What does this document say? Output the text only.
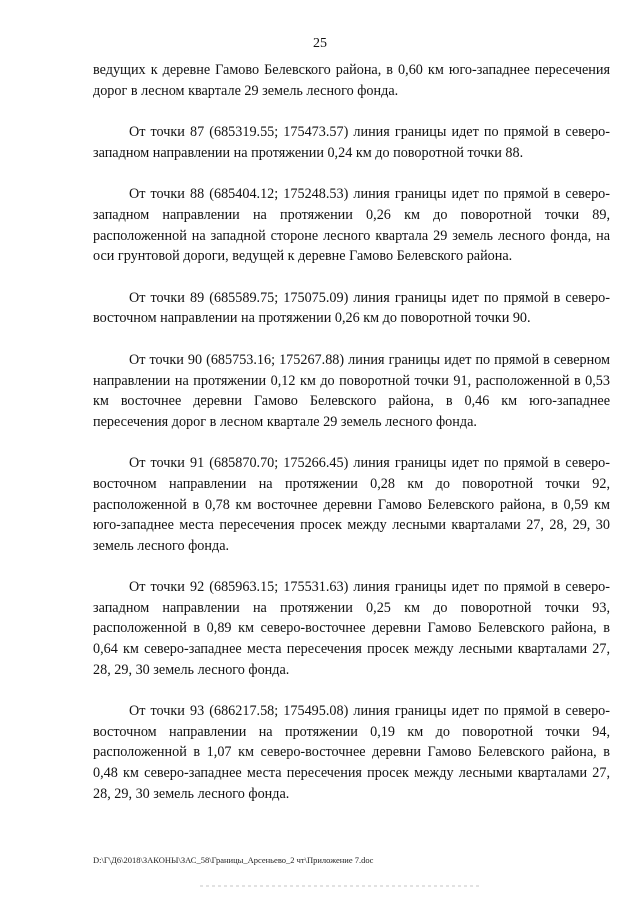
25

ведущих к деревне Гамово Белевского района, в 0,60 км юго-западнее пересечения дорог в лесном квартале 29 земель лесного фонда.

От точки 87 (685319.55; 175473.57) линия границы идет по прямой в северо-западном направлении на протяжении 0,24 км до поворотной точки 88.

От точки 88 (685404.12; 175248.53) линия границы идет по прямой в северо-западном направлении на протяжении 0,26 км до поворотной точки 89, расположенной на западной стороне лесного квартала 29 земель лесного фонда, на оси грунтовой дороги, ведущей к деревне Гамово Белевского района.

От точки 89 (685589.75; 175075.09) линия границы идет по прямой в северо-восточном направлении на протяжении 0,26 км до поворотной точки 90.

От точки 90 (685753.16; 175267.88) линия границы идет по прямой в северном направлении на протяжении 0,12 км до поворотной точки 91, расположенной в 0,53 км восточнее деревни Гамово Белевского района, в 0,46 км юго-западнее пересечения дорог в лесном квартале 29 земель лесного фонда.

От точки 91 (685870.70; 175266.45) линия границы идет по прямой в северо-восточном направлении на протяжении 0,28 км до поворотной точки 92, расположенной в 0,78 км восточнее деревни Гамово Белевского района, в 0,59 км юго-западнее места пересечения просек между лесными кварталами 27, 28, 29, 30 земель лесного фонда.

От точки 92 (685963.15; 175531.63) линия границы идет по прямой в северо-западном направлении на протяжении 0,25 км до поворотной точки 93, расположенной в 0,89 км северо-восточнее деревни Гамово Белевского района, в 0,64 км северо-западнее места пересечения просек между лесными кварталами 27, 28, 29, 30 земель лесного фонда.

От точки 93 (686217.58; 175495.08) линия границы идет по прямой в северо-восточном направлении на протяжении 0,19 км до поворотной точки 94, расположенной в 1,07 км северо-восточнее деревни Гамово Белевского района, в 0,48 км северо-западнее места пересечения просек между лесными кварталами 27, 28, 29, 30 земель лесного фонда.

D:\Г\Д6\2018\ЗАКОНЫ\ЗАС_58\Границы_Арсеньево_2 чт\Приложение 7.doc
